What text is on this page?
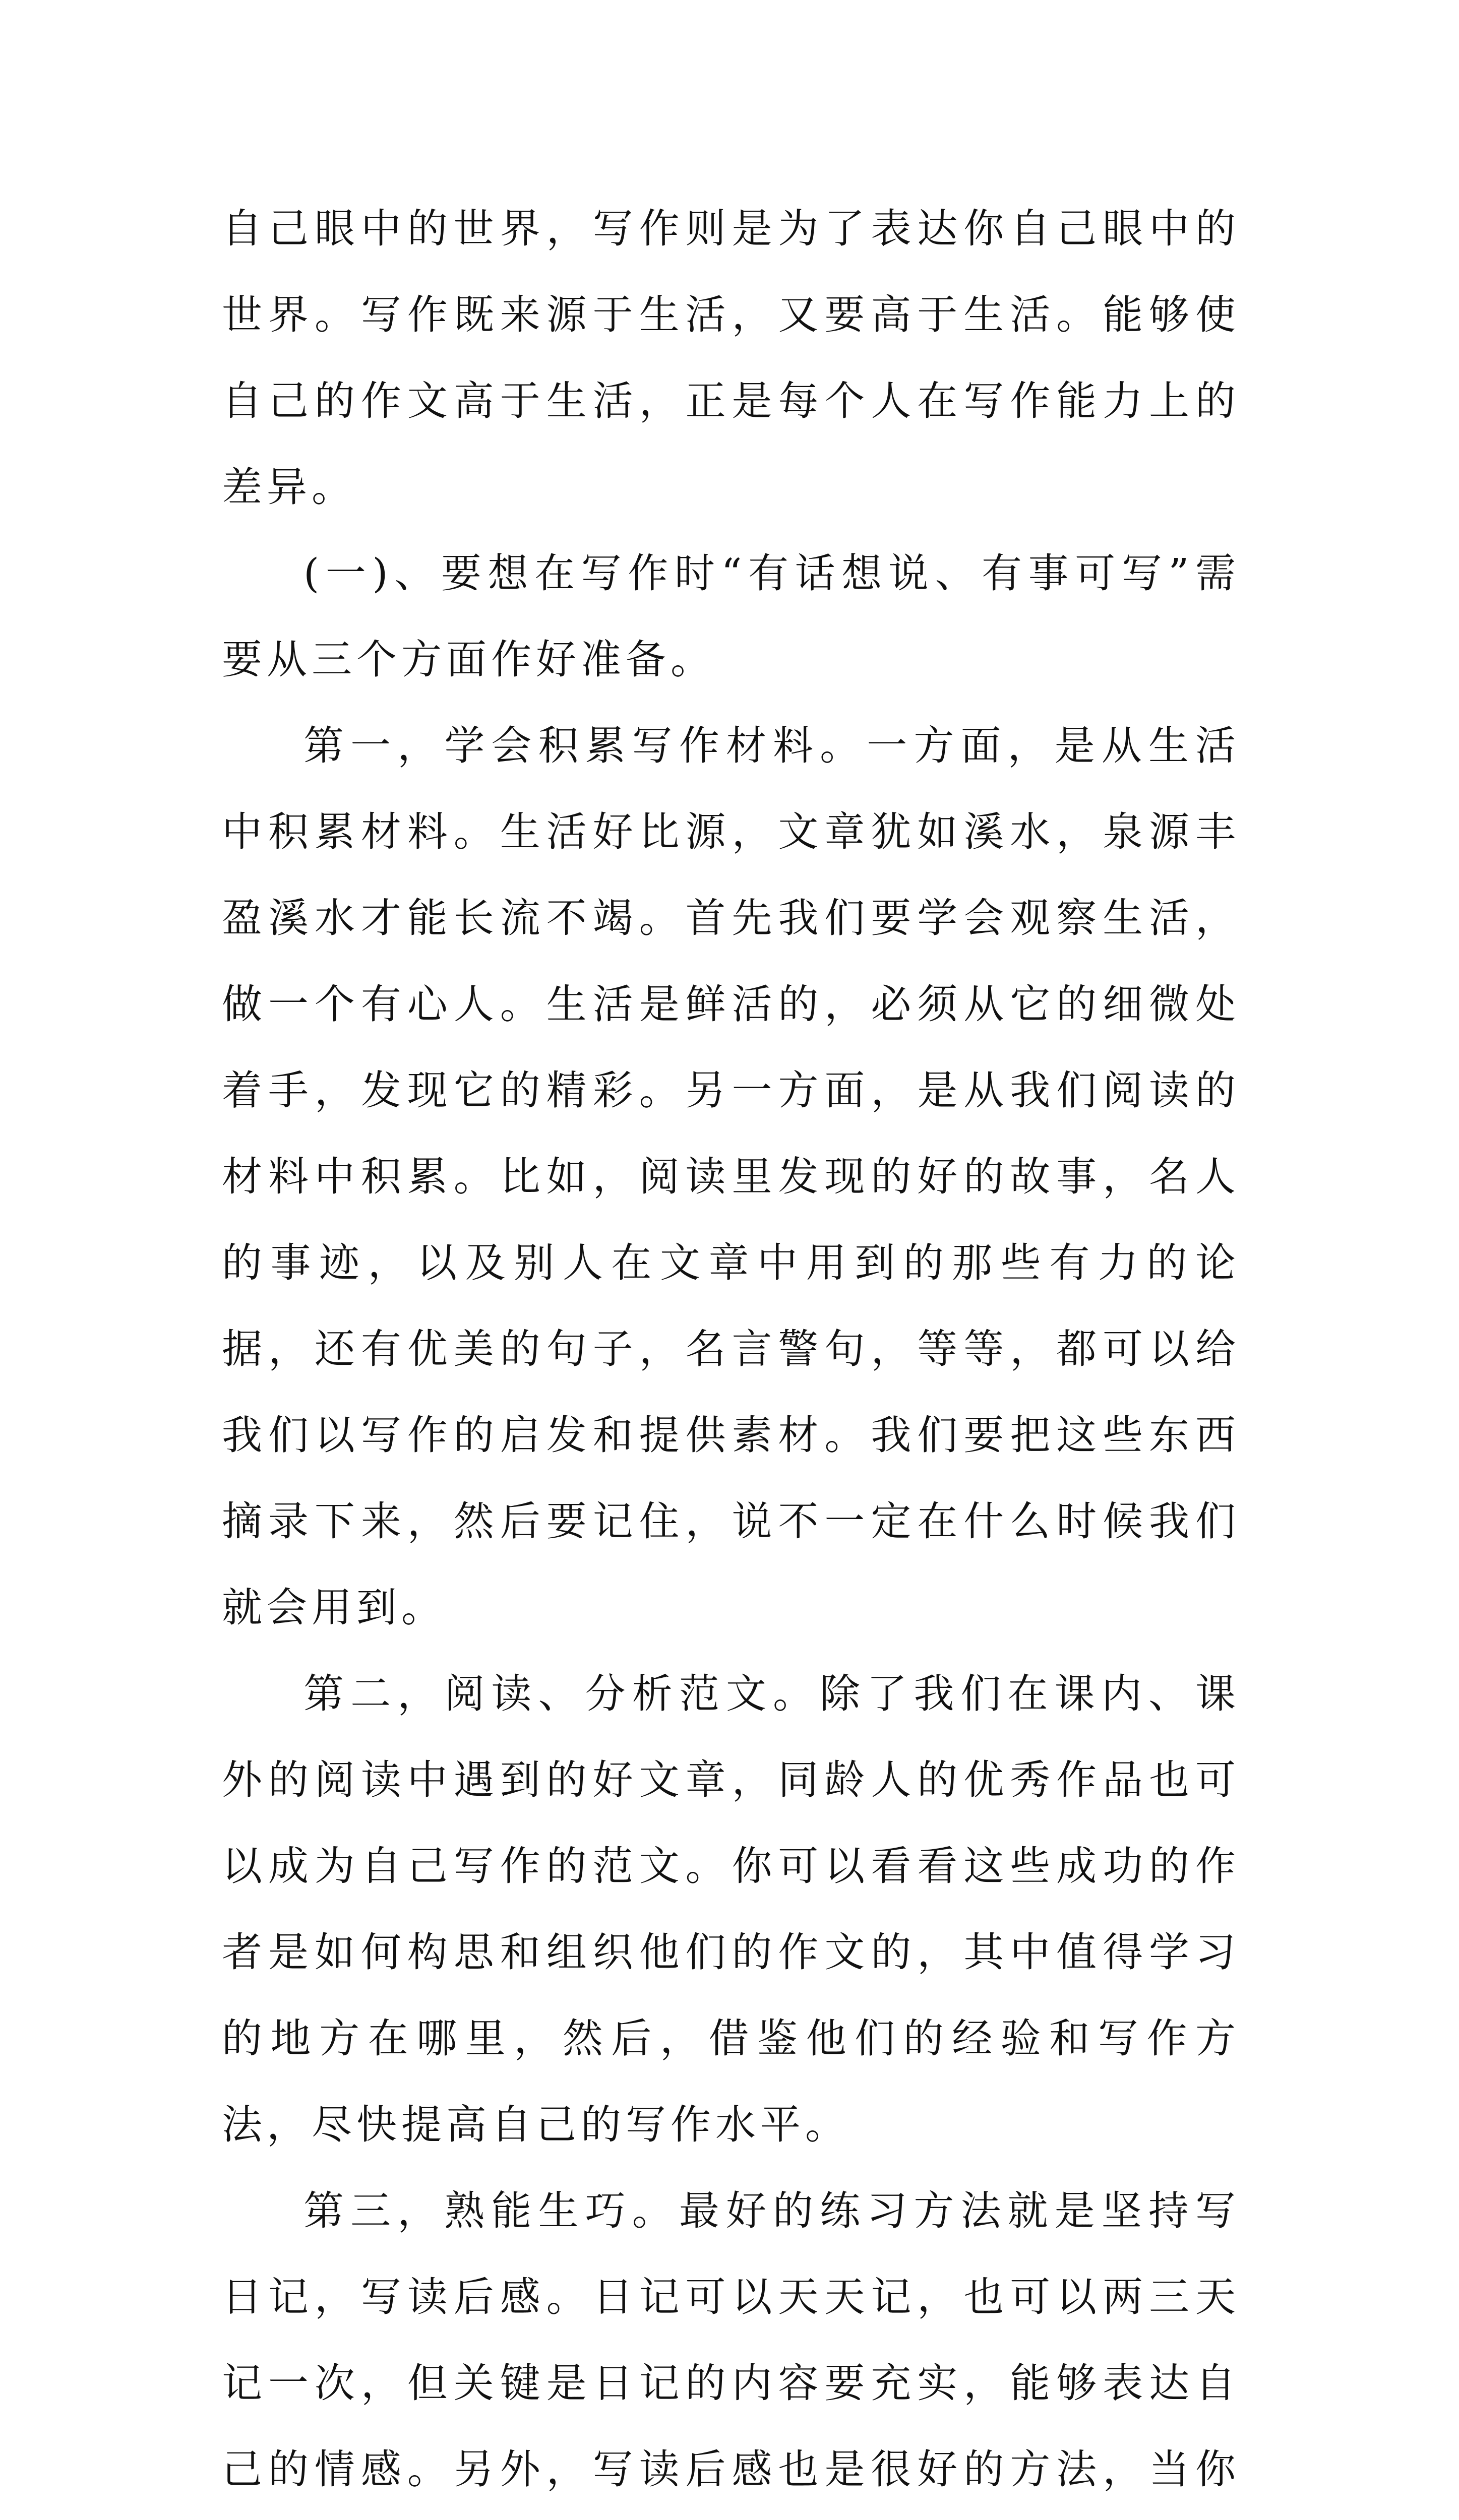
自己眼中的世界，写作则是为了表达你自己眼中的世界。写作既来源于生活，又要高于生活。能够使自己的作文高于生活，正是每个人在写作能力上的差异。

(一)、要想在写作时“有话想说、有事可写”需要从三个方面作好准备。

第一，学会积累写作材料。一方面，是从生活中积累材料。生活好比源，文章犹如溪水，泉源丰盈溪水才能长流不竭。首先我们要学会观察生活，做一个有心人。生活是鲜活的，必须从它的细微处着手，发现它的精彩。另一方面，是从我们阅读的材料中积累。比如，阅读里发现的好的故事，名人的事迹，以及别人在文章中用到的那些有力的论据，还有优美的句子，名言警句，等等，都可以给我们以写作的启发和提供素材。我们要把这些东西摘录下来，然后要记住，说不一定在什么时候我们就会用到。

第二，阅读、分析范文。除了我们在课内、课外的阅读中遇到的好文章，同龄人的优秀作品也可以成为自己写作的范文。你可以看看这些成功的作者是如何构思和组织他们的作文的，其中值得学习的地方在哪里，然后，借鉴他们的经验和写作方法，尽快提高自己的写作水平。

第三，熟能生巧。最好的练习方法就是坚持写日记，写读后感。日记可以天天记，也可以两三天记一次，但关键是日记的内容要充实，能够表达自己的情感。另外，写读后感也是很好的方法，当你
